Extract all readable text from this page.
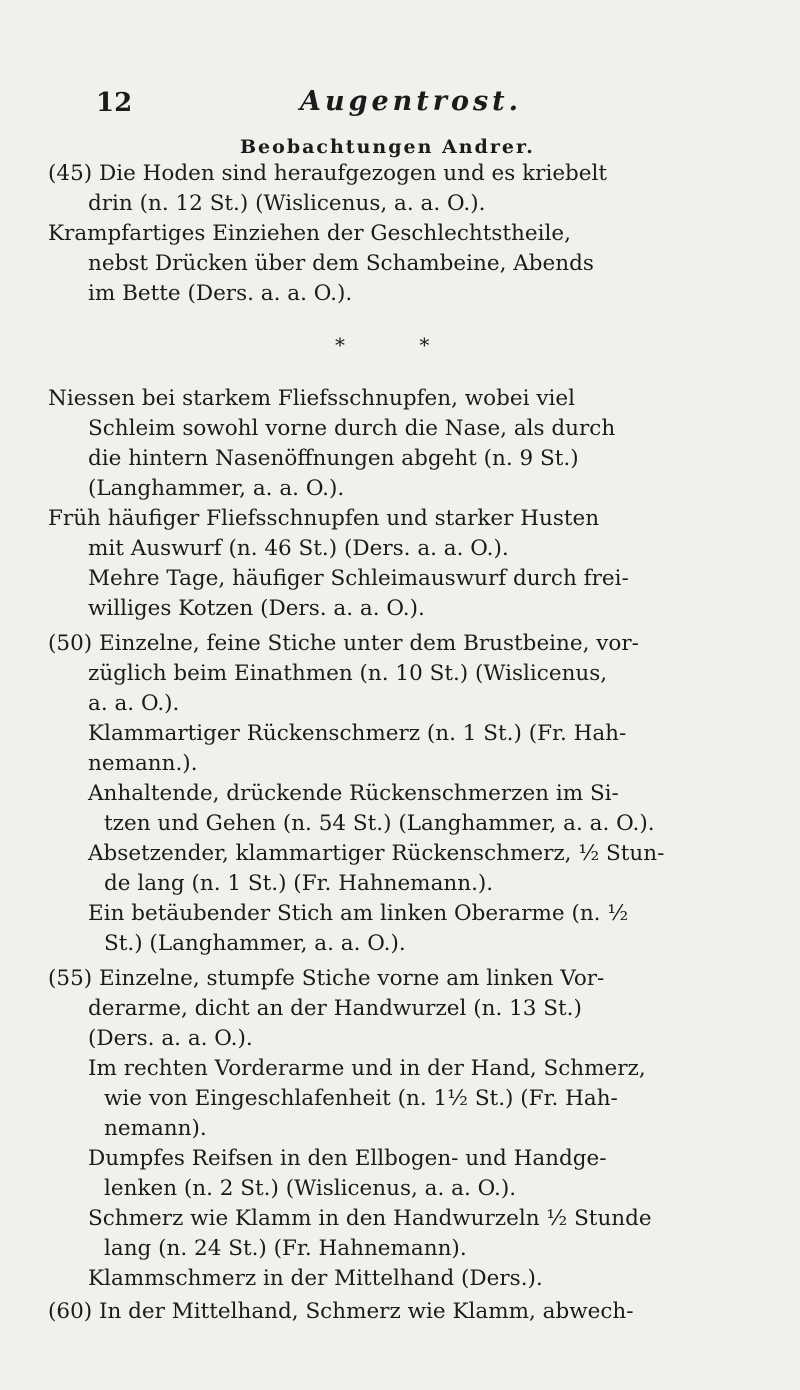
12	Augentrost.
Beobachtungen Andrer.
* *
(45) Die Hoden sind heraufgezogen und es kriebelt
drin (n. 12 St.) (Wislicenus, a. a. O.).
Krampfartiges Einziehen der Geschlechtstheile,
nebst Drücken über dem Schambeine, Abends
im Bette (Ders. a. a. O.).
Niessen bei starkem Fliefsschnupfen, wobei viel
Schleim sowohl vorne durch die Nase, als durch
die hintern Nasenöffnungen abgeht (n. 9 St.)
(Langhammer, a. a. O.).
Früh häufiger Fliefsschnupfen und starker Husten
mit Auswurf (n. 46 St.) (Ders. a. a. O.).
Mehre Tage, häufiger Schleimauswurf durch frei-
williges Kotzen (Ders. a. a. O.).
(50) Einzelne, feine Stiche unter dem Brustbeine, vor-
züglich beim Einathmen (n. 10 St.) (Wislicenus,
a. a. O.).
Klammartiger Rückenschmerz (n. 1 St.) (Fr. Hah-
nemann.).
Anhaltende, drückende Rückenschmerzen im Si-
tzen und Gehen (n. 54 St.) (Langhammer, a. a. O.).
Absetzender, klammartiger Rückenschmerz, ½ Stun-
de lang (n. 1 St.) (Fr. Hahnemann.).
Ein betäubender Stich am linken Oberarme (n. ½
St.) (Langhammer, a. a. O.).
(55) Einzelne, stumpfe Stiche vorne am linken Vor-
derarme, dicht an der Handwurzel (n. 13 St.)
(Ders. a. a. O.).
Im rechten Vorderarme und in der Hand, Schmerz,
wie von Eingeschlafenheit (n. 1½ St.) (Fr. Hah-
nemann).
Dumpfes Reifsen in den Ellbogen- und Handge-
lenken (n. 2 St.) (Wislicenus, a. a. O.).
Schmerz wie Klamm in den Handwurzeln ½ Stunde
lang (n. 24 St.) (Fr. Hahnemann).
Klammschmerz in der Mittelhand (Ders.).
(60) In der Mittelhand, Schmerz wie Klamm, abwech-
